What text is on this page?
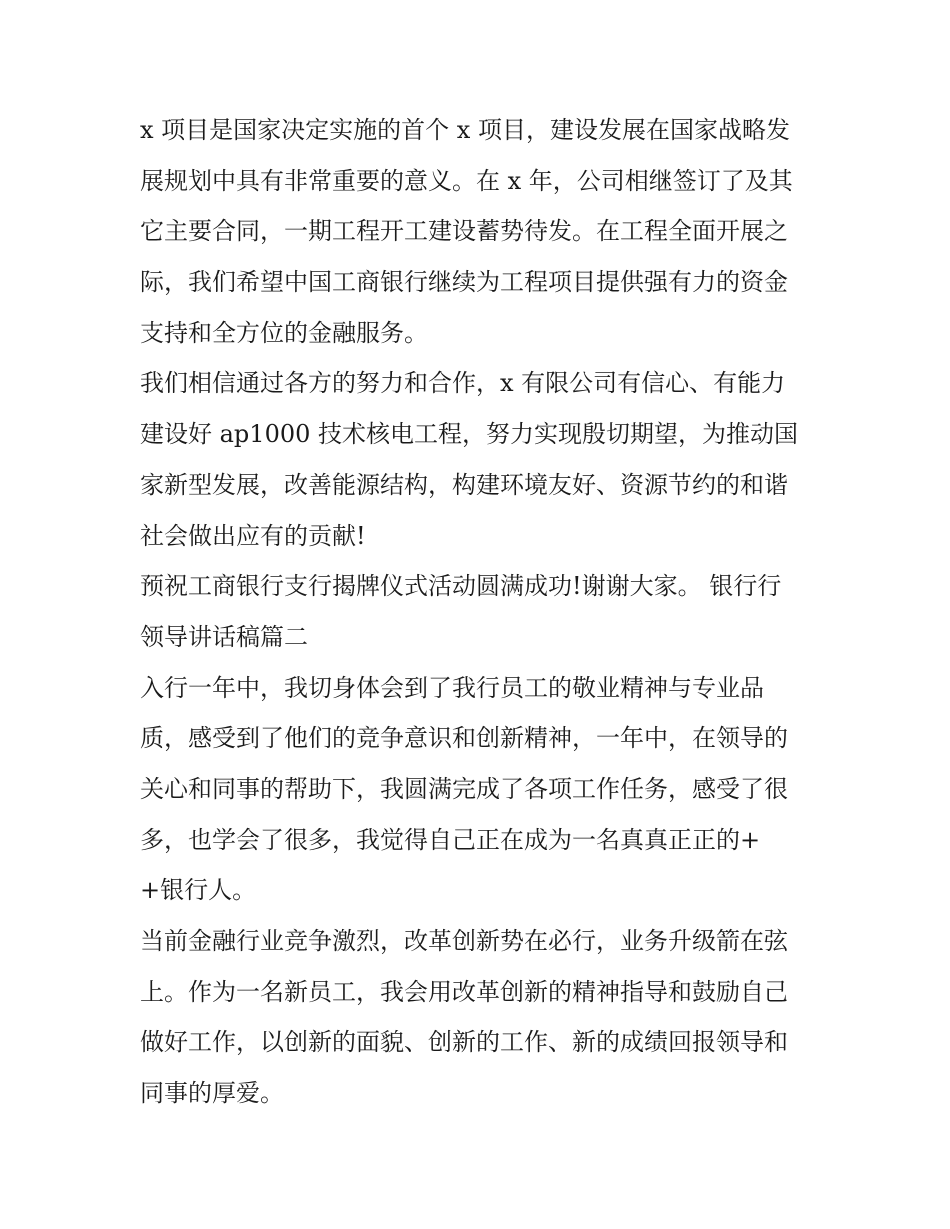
x 项目是国家决定实施的首个 x 项目，建设发展在国家战略发
展规划中具有非常重要的意义。在 x 年，公司相继签订了及其
它主要合同，一期工程开工建设蓄势待发。在工程全面开展之
际，我们希望中国工商银行继续为工程项目提供强有力的资金
支持和全方位的金融服务。
我们相信通过各方的努力和合作，x 有限公司有信心、有能力
建设好 ap1000 技术核电工程，努力实现殷切期望，为推动国
家新型发展，改善能源结构，构建环境友好、资源节约的和谐
社会做出应有的贡献!
预祝工商银行支行揭牌仪式活动圆满成功!谢谢大家。 银行行
领导讲话稿篇二
入行一年中，我切身体会到了我行员工的敬业精神与专业品
质，感受到了他们的竞争意识和创新精神，一年中，在领导的
关心和同事的帮助下，我圆满完成了各项工作任务，感受了很
多，也学会了很多，我觉得自己正在成为一名真真正正的+
+银行人。
当前金融行业竞争激烈，改革创新势在必行，业务升级箭在弦
上。作为一名新员工，我会用改革创新的精神指导和鼓励自己
做好工作，以创新的面貌、创新的工作、新的成绩回报领导和
同事的厚爱。
